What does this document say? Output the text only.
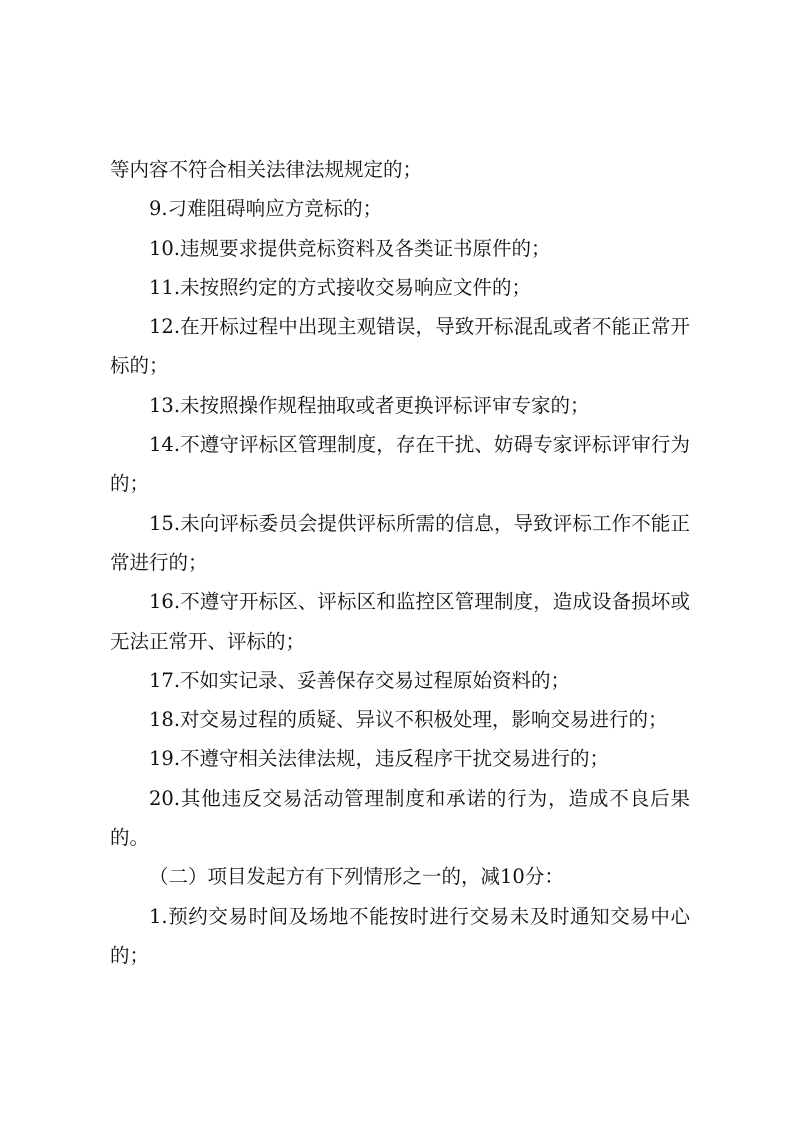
等内容不符合相关法律法规规定的；

9.刁难阻碍响应方竞标的；

10.违规要求提供竞标资料及各类证书原件的；

11.未按照约定的方式接收交易响应文件的；

12.在开标过程中出现主观错误，导致开标混乱或者不能正常开标的；

13.未按照操作规程抽取或者更换评标评审专家的；

14.不遵守评标区管理制度，存在干扰、妨碍专家评标评审行为的；

15.未向评标委员会提供评标所需的信息，导致评标工作不能正常进行的；

16.不遵守开标区、评标区和监控区管理制度，造成设备损坏或无法正常开、评标的；

17.不如实记录、妥善保存交易过程原始资料的；

18.对交易过程的质疑、异议不积极处理，影响交易进行的；

19.不遵守相关法律法规，违反程序干扰交易进行的；

20.其他违反交易活动管理制度和承诺的行为，造成不良后果的。

（二）项目发起方有下列情形之一的，减10分：

1.预约交易时间及场地不能按时进行交易未及时通知交易中心的；
